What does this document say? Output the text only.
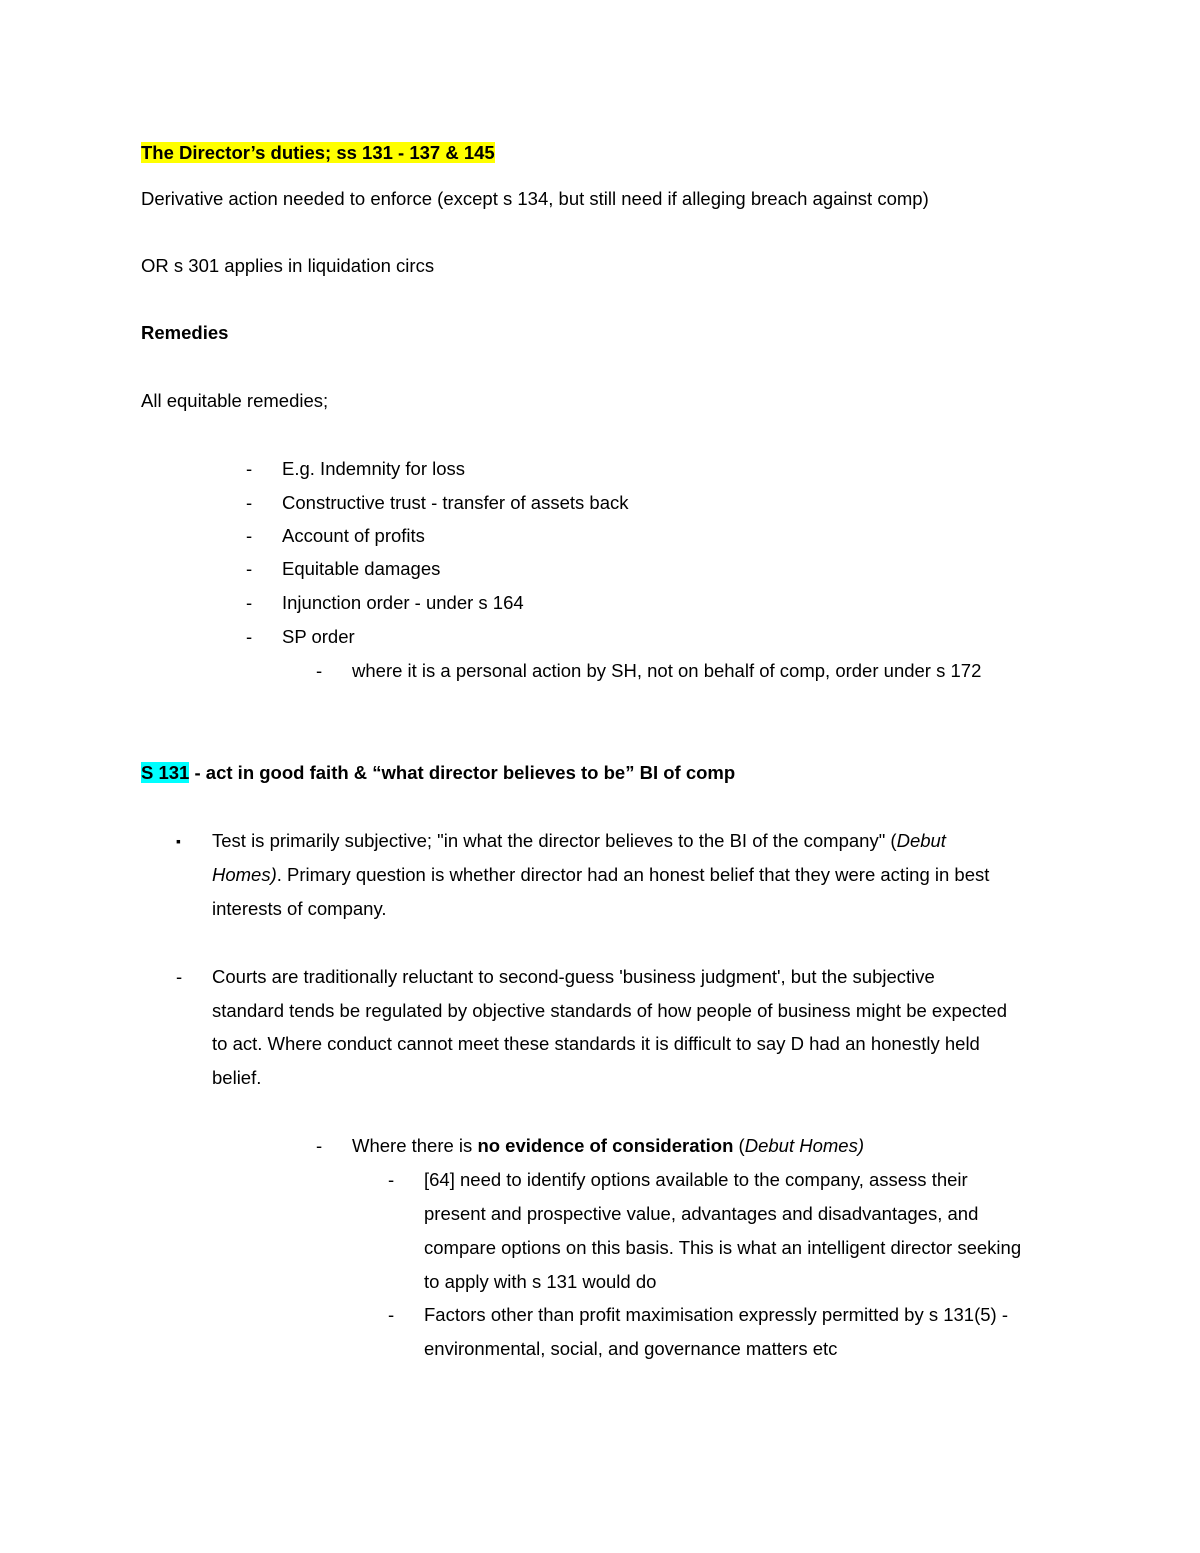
The Director’s duties; ss 131 - 137 & 145
Derivative action needed to enforce (except s 134, but still need if alleging breach against comp)
OR s 301 applies in liquidation circs
Remedies
All equitable remedies;
- E.g. Indemnity for loss
- Constructive trust - transfer of assets back
- Account of profits
- Equitable damages
- Injunction order - under s 164
- SP order
- where it is a personal action by SH, not on behalf of comp, order under s 172
S 131 - act in good faith & “what director believes to be” BI of comp
▪ Test is primarily subjective; "in what the director believes to the BI of the company" (Debut
Homes). Primary question is whether director had an honest belief that they were acting in best
interests of company.
- Courts are traditionally reluctant to second-guess 'business judgment', but the subjective
standard tends be regulated by objective standards of how people of business might be expected
to act. Where conduct cannot meet these standards it is difficult to say D had an honestly held
belief.
- Where there is no evidence of consideration (Debut Homes)
- [64] need to identify options available to the company, assess their
present and prospective value, advantages and disadvantages, and
compare options on this basis. This is what an intelligent director seeking
to apply with s 131 would do
- Factors other than profit maximisation expressly permitted by s 131(5) -
environmental, social, and governance matters etc
